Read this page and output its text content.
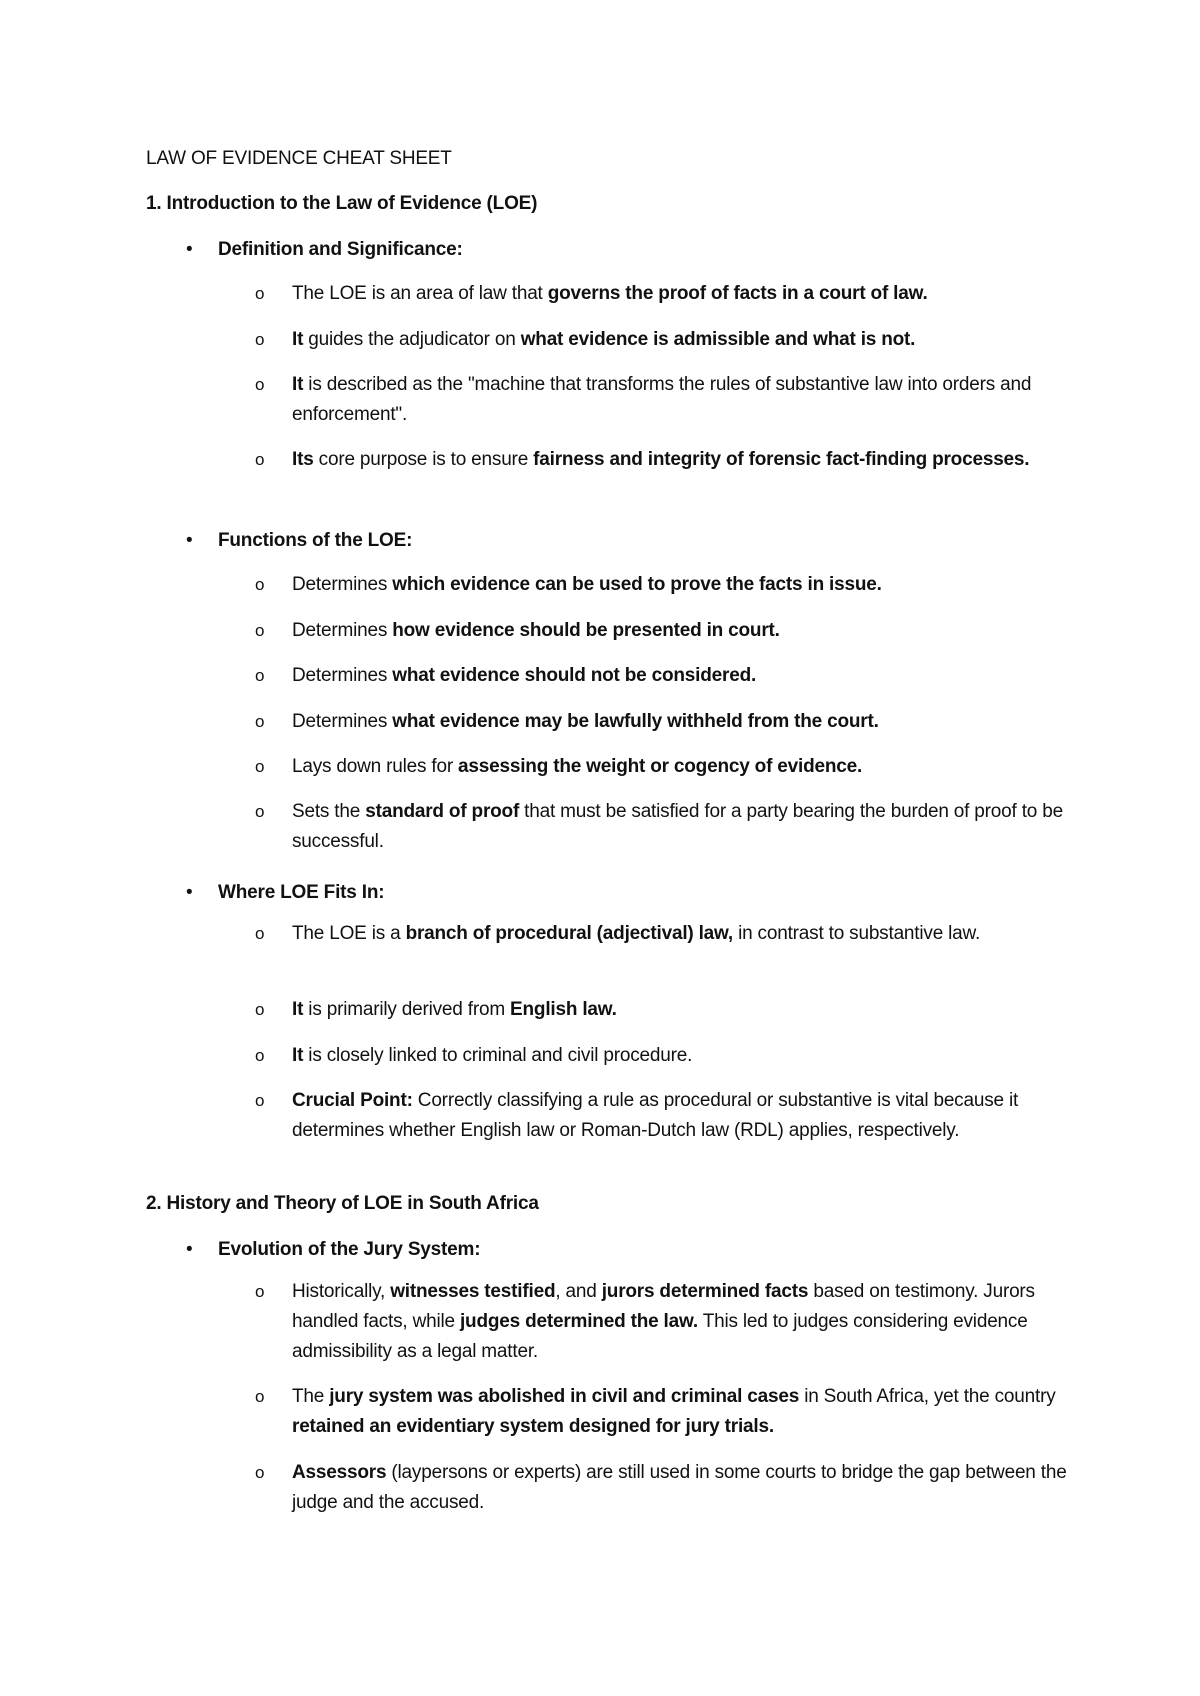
LAW OF EVIDENCE CHEAT SHEET
1. Introduction to the Law of Evidence (LOE)
• Definition and Significance:
o The LOE is an area of law that governs the proof of facts in a court of law.
o It guides the adjudicator on what evidence is admissible and what is not.
o It is described as the "machine that transforms the rules of substantive law into orders and enforcement".
o Its core purpose is to ensure fairness and integrity of forensic fact-finding processes.
• Functions of the LOE:
o Determines which evidence can be used to prove the facts in issue.
o Determines how evidence should be presented in court.
o Determines what evidence should not be considered.
o Determines what evidence may be lawfully withheld from the court.
o Lays down rules for assessing the weight or cogency of evidence.
o Sets the standard of proof that must be satisfied for a party bearing the burden of proof to be successful.
• Where LOE Fits In:
o The LOE is a branch of procedural (adjectival) law, in contrast to substantive law.
o It is primarily derived from English law.
o It is closely linked to criminal and civil procedure.
o Crucial Point: Correctly classifying a rule as procedural or substantive is vital because it determines whether English law or Roman-Dutch law (RDL) applies, respectively.
2. History and Theory of LOE in South Africa
• Evolution of the Jury System:
o Historically, witnesses testified, and jurors determined facts based on testimony. Jurors handled facts, while judges determined the law. This led to judges considering evidence admissibility as a legal matter.
o The jury system was abolished in civil and criminal cases in South Africa, yet the country retained an evidentiary system designed for jury trials.
o Assessors (laypersons or experts) are still used in some courts to bridge the gap between the judge and the accused.
